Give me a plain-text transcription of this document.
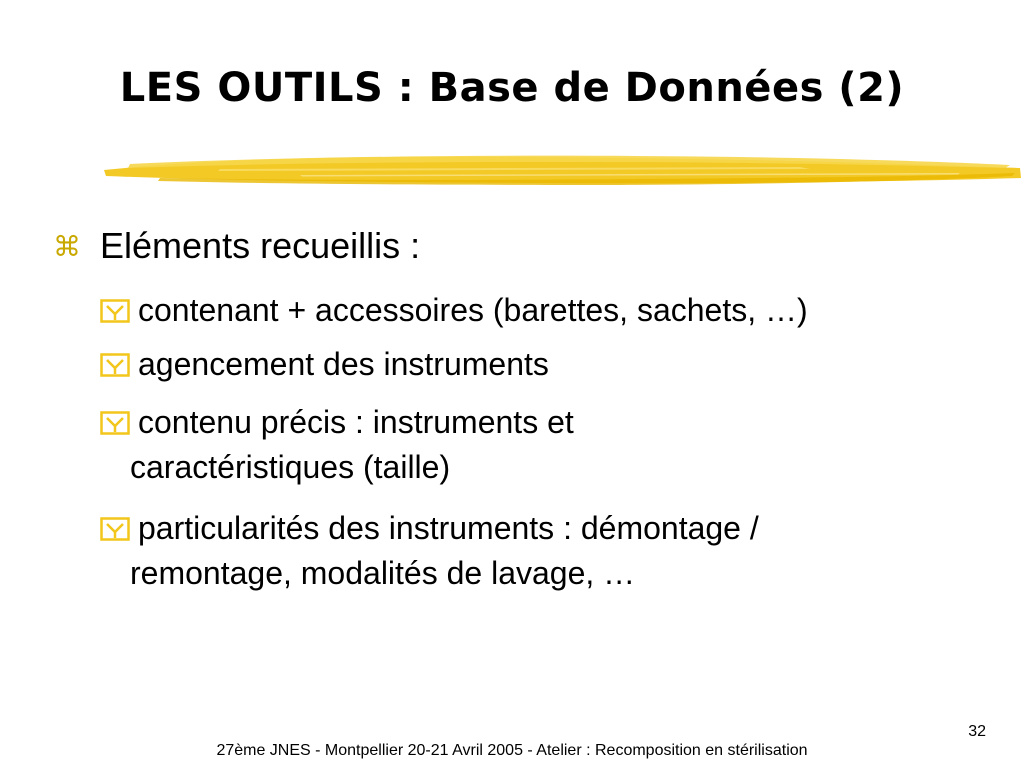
LES OUTILS : Base de Données (2)
⌘ Eléments recueillis :
contenant + accessoires (barettes, sachets, …)
agencement des instruments
contenu précis : instruments et
caractéristiques (taille)
particularités des instruments : démontage /
remontage, modalités de lavage, …
32
27ème JNES - Montpellier 20-21 Avril 2005 - Atelier : Recomposition en stérilisation
